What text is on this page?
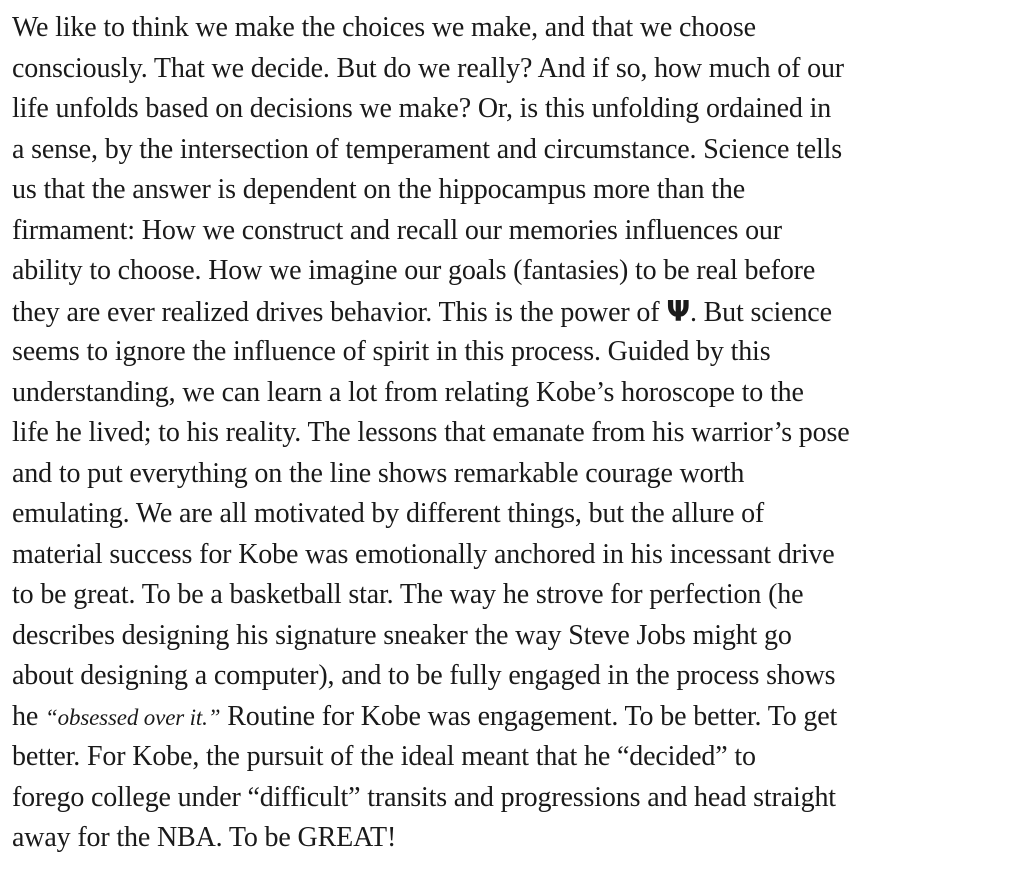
We like to think we make the choices we make, and that we choose
consciously. That we decide. But do we really? And if so, how much of our
life unfolds based on decisions we make? Or, is this unfolding ordained in
a sense, by the intersection of temperament and circumstance. Science tells
us that the answer is dependent on the hippocampus more than the
firmament: How we construct and recall our memories influences our
ability to choose. How we imagine our goals (fantasies) to be real before
they are ever realized drives behavior. This is the power of Ψ. But science
seems to ignore the influence of spirit in this process. Guided by this
understanding, we can learn a lot from relating Kobe’s horoscope to the
life he lived; to his reality. The lessons that emanate from his warrior’s pose
and to put everything on the line shows remarkable courage worth
emulating. We are all motivated by different things, but the allure of
material success for Kobe was emotionally anchored in his incessant drive
to be great. To be a basketball star. The way he strove for perfection (he
describes designing his signature sneaker the way Steve Jobs might go
about designing a computer), and to be fully engaged in the process shows
he “obsessed over it.” Routine for Kobe was engagement. To be better. To get
better. For Kobe, the pursuit of the ideal meant that he “decided” to
forego college under “difficult” transits and progressions and head straight
away for the NBA. To be GREAT!
